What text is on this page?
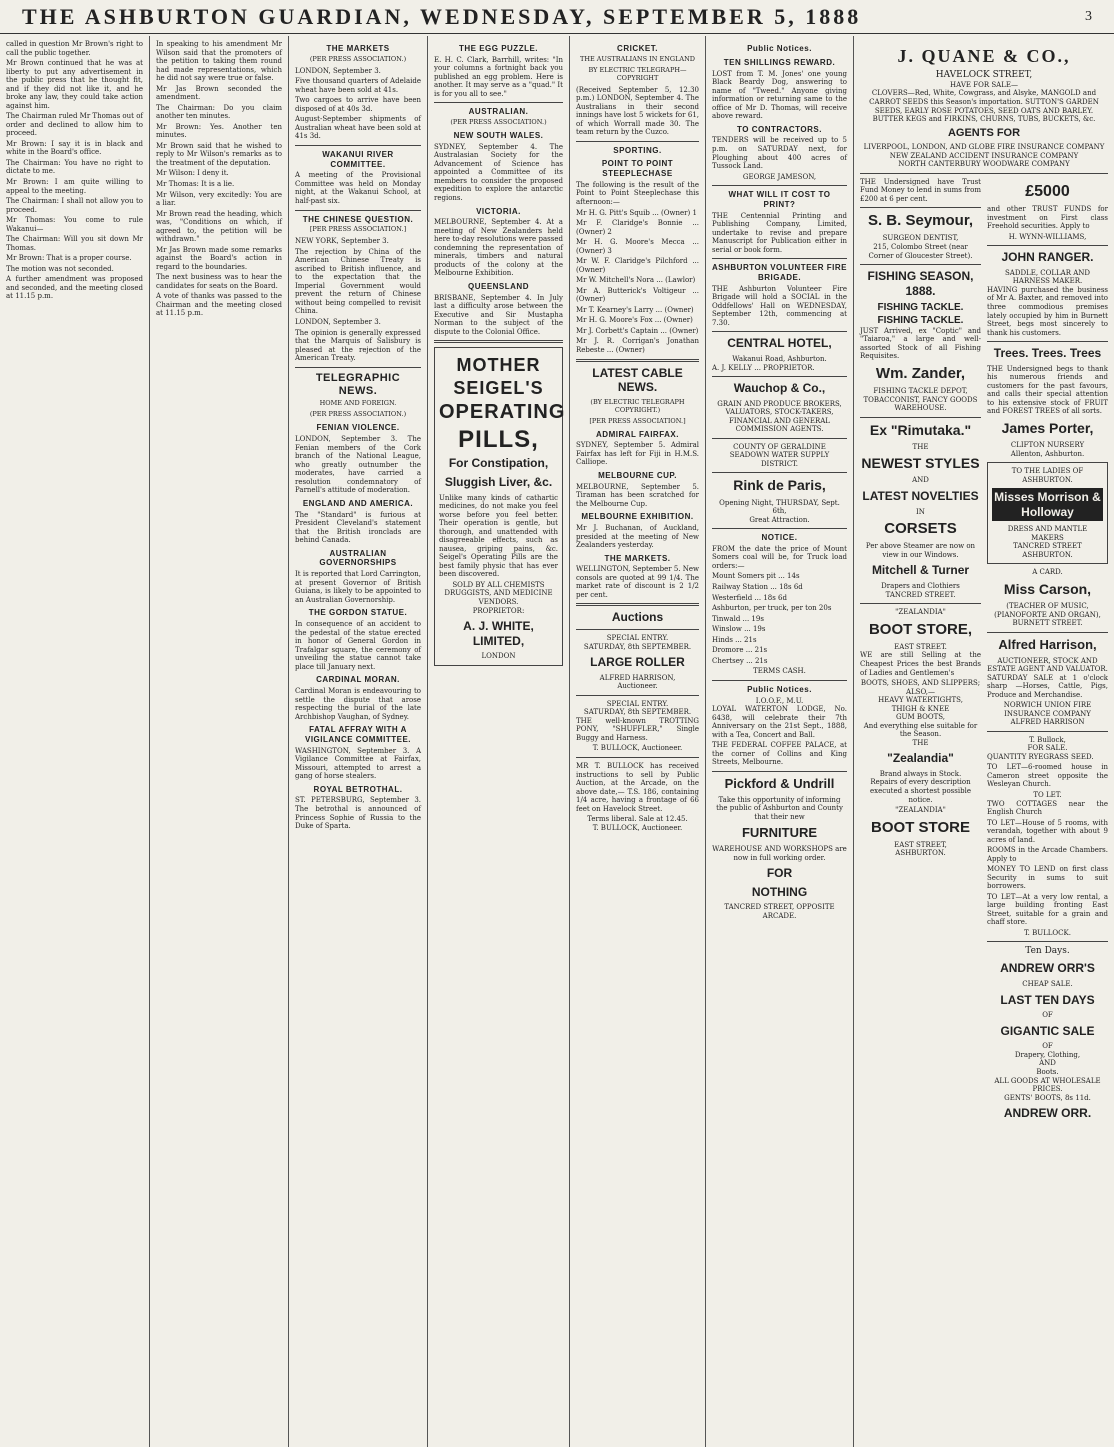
THE ASHBURTON GUARDIAN, WEDNESDAY, SEPTEMBER 5, 1888	3

called in question Mr Brown's right to call the public together.

Mr Brown continued that he was at liberty to put any advertisement in the public press that he thought fit, and if they did not like it, and he broke any law, they could take action against him.

The Chairman ruled Mr Thomas out of order and declined to allow him to proceed.

Mr Brown: I say it is in black and white in the Board's office.

The Chairman: You have no right to dictate to me.

Mr Brown: I am quite willing to appeal to the meeting.

The Chairman: I shall not allow you to proceed.

Mr Thomas: You come to rule Wakanui—

The Chairman: Will you sit down Mr Thomas.

Mr Brown: That is a proper course.

The motion was not seconded.

A further amendment was proposed and seconded, and the meeting closed at 11.15 p.m.

In speaking to his amendment Mr Wilson said that the promoters of the petition to taking them round had made representations, which he did not say were true or false.

Mr Jas Brown seconded the amendment.

The Chairman: Do you claim another ten minutes.

Mr Brown: Yes. Another ten minutes.

Mr Brown said that he wished to reply to Mr Wilson's remarks as to the treatment of the deputation.

Mr Wilson: I deny it.

Mr Thomas: It is a lie.

Mr Wilson, very excitedly: You are a liar.

Mr Brown read the heading, which was, "Conditions on which, if agreed to, the petition will be withdrawn."

Mr Jas Brown made some remarks against the Board's action in regard to the boundaries.

The next business was to hear the candidates for seats on the Board.

A vote of thanks was passed to the Chairman and the meeting closed at 11.15 p.m.

THE MARKETS
(PER PRESS ASSOCIATION.)

LONDON, September 3.

Five thousand quarters of Adelaide wheat have been sold at 41s.

Two cargoes to arrive have been disposed of at 40s 3d.

August-September shipments of Australian wheat have been sold at 41s 3d.

WAKANUI RIVER COMMITTEE.

A meeting of the Provisional Committee was held on Monday night, at the Wakanui School, at half-past six.

THE CHINESE QUESTION.
[PER PRESS ASSOCIATION.]

NEW YORK, September 3.

The rejection by China of the American Chinese Treaty is ascribed to British influence, and to the expectation that the Imperial Government would prevent the return of Chinese without being compelled to revisit China.

LONDON, September 3.

The opinion is generally expressed that the Marquis of Salisbury is pleased at the rejection of the American Treaty.

TELEGRAPHIC NEWS.
HOME AND FOREIGN.
(PER PRESS ASSOCIATION.)
FENIAN VIOLENCE.

LONDON, September 3. The Fenian members of the Cork branch of the National League, who greatly outnumber the moderates, have carried a resolution condemnatory of Parnell's attitude of moderation.

ENGLAND AND AMERICA.

The "Standard" is furious at President Cleveland's statement that the British ironclads are behind Canada.

AUSTRALIAN GOVERNORSHIPS

It is reported that Lord Carrington, at present Governor of British Guiana, is likely to be appointed to an Australian Governorship.

THE GORDON STATUE.

In consequence of an accident to the pedestal of the statue erected in honor of General Gordon in Trafalgar square, the ceremony of unveiling the statue cannot take place till January next.

CARDINAL MORAN.

Cardinal Moran is endeavouring to settle the dispute that arose respecting the burial of the late Archbishop Vaughan, of Sydney.

FATAL AFFRAY WITH A VIGILANCE COMMITTEE.

WASHINGTON, September 3. A Vigilance Committee at Fairfax, Missouri, attempted to arrest a gang of horse stealers.

ROYAL BETROTHAL.

ST. PETERSBURG, September 3. The betrothal is announced of Princess Sophie of Russia to the Duke of Sparta.

THE EGG PUZZLE.

E. H. C. Clark, Barrhill, writes: "In your columns a fortnight back you published an egg problem. Here is another. It may serve as a "quad." It is for you all to see."

AUSTRALIAN.
(PER PRESS ASSOCIATION.)
NEW SOUTH WALES.

SYDNEY, September 4. The Australasian Society for the Advancement of Science has appointed a Committee of its members to consider the proposed expedition to explore the antarctic regions.

VICTORIA.

MELBOURNE, September 4. At a meeting of New Zealanders held here to-day resolutions were passed condemning the representation of minerals, timbers and natural products of the colony at the Melbourne Exhibition.

QUEENSLAND

BRISBANE, September 4. In July last a difficulty arose between the Executive and Sir Mustapha Norman to the subject of the dispute to the Colonial Office.

MOTHER
SEIGEL'S
OPERATING
PILLS,
For Constipation,
Sluggish Liver, &c.

Unlike many kinds of cathartic medicines, do not make you feel worse before you feel better. Their operation is gentle, but thorough, and unattended with disagreeable effects, such as nausea, griping pains, &c. Seigel's Operating Pills are the best family physic that has ever been discovered.

SOLD BY ALL CHEMISTS
DRUGGISTS, AND MEDICINE VENDORS.
PROPRIETOR:
A. J. WHITE, LIMITED,
LONDON
CRICKET.
THE AUSTRALIANS IN ENGLAND
BY ELECTRIC TELEGRAPH—COPYRIGHT

(Received September 5, 12.30 p.m.) LONDON, September 4. The Australians in their second innings have lost 5 wickets for 61, of which Worrall made 30. The team return by the Cuzco.

SPORTING.
POINT TO POINT STEEPLECHASE

The following is the result of the Point to Point Steeplechase this afternoon:—

Mr H. G. Pitt's Squib ... (Owner) 1

Mr F. Claridge's Bonnie ... (Owner) 2

Mr H. G. Moore's Mecca ... (Owner) 3

Mr W. F. Claridge's Pilchford ... (Owner)

Mr W. Mitchell's Nora ... (Lawlor)

Mr A. Butterick's Voltigeur ... (Owner)

Mr T. Kearney's Larry ... (Owner)

Mr H. G. Moore's Fox ... (Owner)

Mr J. Corbett's Captain ... (Owner)

Mr J. R. Corrigan's Jonathan Rebeste ... (Owner)

LATEST CABLE NEWS.
(BY ELECTRIC TELEGRAPH COPYRIGHT.)
[PER PRESS ASSOCIATION.]
ADMIRAL FAIRFAX.

SYDNEY, September 5. Admiral Fairfax has left for Fiji in H.M.S. Calliope.

MELBOURNE CUP.

MELBOURNE, September 5. Tiraman has been scratched for the Melbourne Cup.

MELBOURNE EXHIBITION.

Mr J. Buchanan, of Auckland, presided at the meeting of New Zealanders yesterday.

THE MARKETS.

WELLINGTON, September 5. New consols are quoted at 99 1/4. The market rate of discount is 2 1/2 per cent.

Auctions
SPECIAL ENTRY.
SATURDAY, 8th SEPTEMBER.
LARGE ROLLER
ALFRED HARRISON,
Auctioneer.
SPECIAL ENTRY.
SATURDAY, 8th SEPTEMBER.

THE well-known TROTTING PONY, "SHUFFLER," Single Buggy and Harness.

T. BULLOCK, Auctioneer.

MR T. BULLOCK has received instructions to sell by Public Auction, at the Arcade, on the above date,— T.S. 186, containing 1/4 acre, having a frontage of 66 feet on Havelock Street.

Terms liberal. Sale at 12.45.
T. BULLOCK, Auctioneer.
Public Notices.
TEN SHILLINGS REWARD.

LOST from T. M. Jones' one young Black Beardy Dog, answering to name of "Tweed." Anyone giving information or returning same to the office of Mr D. Thomas, will receive above reward.

TO CONTRACTORS.

TENDERS will be received up to 5 p.m. on SATURDAY next, for Ploughing about 400 acres of Tussock Land.

GEORGE JAMESON,
WHAT WILL IT COST TO PRINT?

THE Centennial Printing and Publishing Company, Limited, undertake to revise and prepare Manuscript for Publication either in serial or book form.

ASHBURTON VOLUNTEER FIRE BRIGADE.

THE Ashburton Volunteer Fire Brigade will hold a SOCIAL in the Oddfellows' Hall on WEDNESDAY, September 12th, commencing at 7.30.

CENTRAL HOTEL,
Wakanui Road, Ashburton.

A. J. KELLY ... PROPRIETOR.

Wauchop & Co.,

GRAIN AND PRODUCE BROKERS, VALUATORS, STOCK-TAKERS, FINANCIAL AND GENERAL COMMISSION AGENTS.

COUNTY OF GERALDINE
SEADOWN WATER SUPPLY DISTRICT.
Rink de Paris,
Opening Night, THURSDAY, Sept. 6th,
Great Attraction.
NOTICE.

FROM the date the price of Mount Somers coal will be, for Truck load orders:—

Mount Somers pit ... 14s

Railway Station ... 18s 6d

Westerfield ... 18s 6d

Ashburton, per truck, per ton 20s

Tinwald ... 19s

Winslow ... 19s

Hinds ... 21s

Dromore ... 21s

Chertsey ... 21s

TERMS CASH.
Public Notices.
I.O.O.F., M.U.

LOYAL WATERTON LODGE, No. 6438, will celebrate their 7th Anniversary on the 21st Sept., 1888, with a Tea, Concert and Ball.

THE FEDERAL COFFEE PALACE, at the corner of Collins and King Streets, Melbourne.

Pickford & Undrill

Take this opportunity of informing the public of Ashburton and County that their new

FURNITURE

WAREHOUSE AND WORKSHOPS are now in full working order.

FOR
NOTHING
TANCRED STREET, OPPOSITE ARCADE.
J. QUANE & CO.,
HAVELOCK STREET,
HAVE FOR SALE—

CLOVERS—Red, White, Cowgrass, and Alsyke, MANGOLD and CARROT SEEDS this Season's importation. SUTTON'S GARDEN SEEDS, EARLY ROSE POTATOES, SEED OATS AND BARLEY. BUTTER KEGS and FIRKINS, CHURNS, TUBS, BUCKETS, &c.

AGENTS FOR
LIVERPOOL, LONDON, AND GLOBE FIRE INSURANCE COMPANY
NEW ZEALAND ACCIDENT INSURANCE COMPANY
NORTH CANTERBURY WOODWARE COMPANY

THE Undersigned have Trust Fund Money to lend in sums from £200 at 6 per cent.

S. B. Seymour,
SURGEON DENTIST,

215, Colombo Street (near Corner of Gloucester Street).

FISHING SEASON, 1888.
FISHING TACKLE.
FISHING TACKLE.

JUST Arrived, ex "Coptic" and "Taiaroa," a large and well-assorted Stock of all Fishing Requisites.

Wm. Zander,

FISHING TACKLE DEPOT, TOBACCONIST, FANCY GOODS WAREHOUSE.

Ex "Rimutaka."
THE
NEWEST STYLES
AND
LATEST NOVELTIES
IN
CORSETS

Per above Steamer are now on view in our Windows.

Mitchell & Turner
Drapers and Clothiers
TANCRED STREET.
"ZEALANDIA"
BOOT STORE,
EAST STREET.

WE are still Selling at the Cheapest Prices the best Brands of Ladies and Gentlemen's

BOOTS, SHOES, AND SLIPPERS;
ALSO,—
HEAVY WATERTIGHTS,
THIGH & KNEE
GUM BOOTS,
And everything else suitable for the Season.
THE
"Zealandia"
Brand always in Stock.

Repairs of every description executed a shortest possible notice.

"ZEALANDIA"
BOOT STORE
EAST STREET,
ASHBURTON.
£5000

and other TRUST FUNDS for investment on First class Freehold securities. Apply to

H. WYNN-WILLIAMS,
JOHN RANGER.
SADDLE, COLLAR AND HARNESS MAKER.

HAVING purchased the business of Mr A. Baxter, and removed into three commodious premises lately occupied by him in Burnett Street, begs most sincerely to thank his customers.

Trees. Trees. Trees

THE Undersigned begs to thank his numerous friends and customers for the past favours, and calls their special attention to his extensive stock of FRUIT and FOREST TREES of all sorts.

James Porter,
CLIFTON NURSERY
Allenton, Ashburton.
TO THE LADIES OF ASHBURTON.
Misses Morrison & Holloway
DRESS AND MANTLE MAKERS
TANCRED STREET
ASHBURTON.
A CARD.
Miss Carson,
(TEACHER OF MUSIC, (PIANOFORTE AND ORGAN),
BURNETT STREET.
Alfred Harrison,
AUCTIONEER, STOCK AND ESTATE AGENT AND VALUATOR.

SATURDAY SALE at 1 o'clock sharp —Horses, Cattle, Pigs, Produce and Merchandise.

NORWICH UNION FIRE INSURANCE COMPANY
ALFRED HARRISON
T. Bullock,
FOR SALE.

QUANTITY RYEGRASS SEED.

TO LET—6-roomed house in Cameron street opposite the Wesleyan Church.

TO LET.

TWO COTTAGES near the English Church

TO LET—House of 5 rooms, with verandah, together with about 9 acres of land.

ROOMS in the Arcade Chambers. Apply to

MONEY TO LEND on first class Security in sums to suit borrowers.

TO LET—At a very low rental, a large building fronting East Street, suitable for a grain and chaff store.

T. BULLOCK.
Ten Days.
ANDREW ORR'S
CHEAP SALE.
LAST TEN DAYS
OF
GIGANTIC SALE
OF
Drapery, Clothing,
AND
Boots.
ALL GOODS AT WHOLESALE PRICES.
GENTS' BOOTS, 8s 11d.
ANDREW ORR.
